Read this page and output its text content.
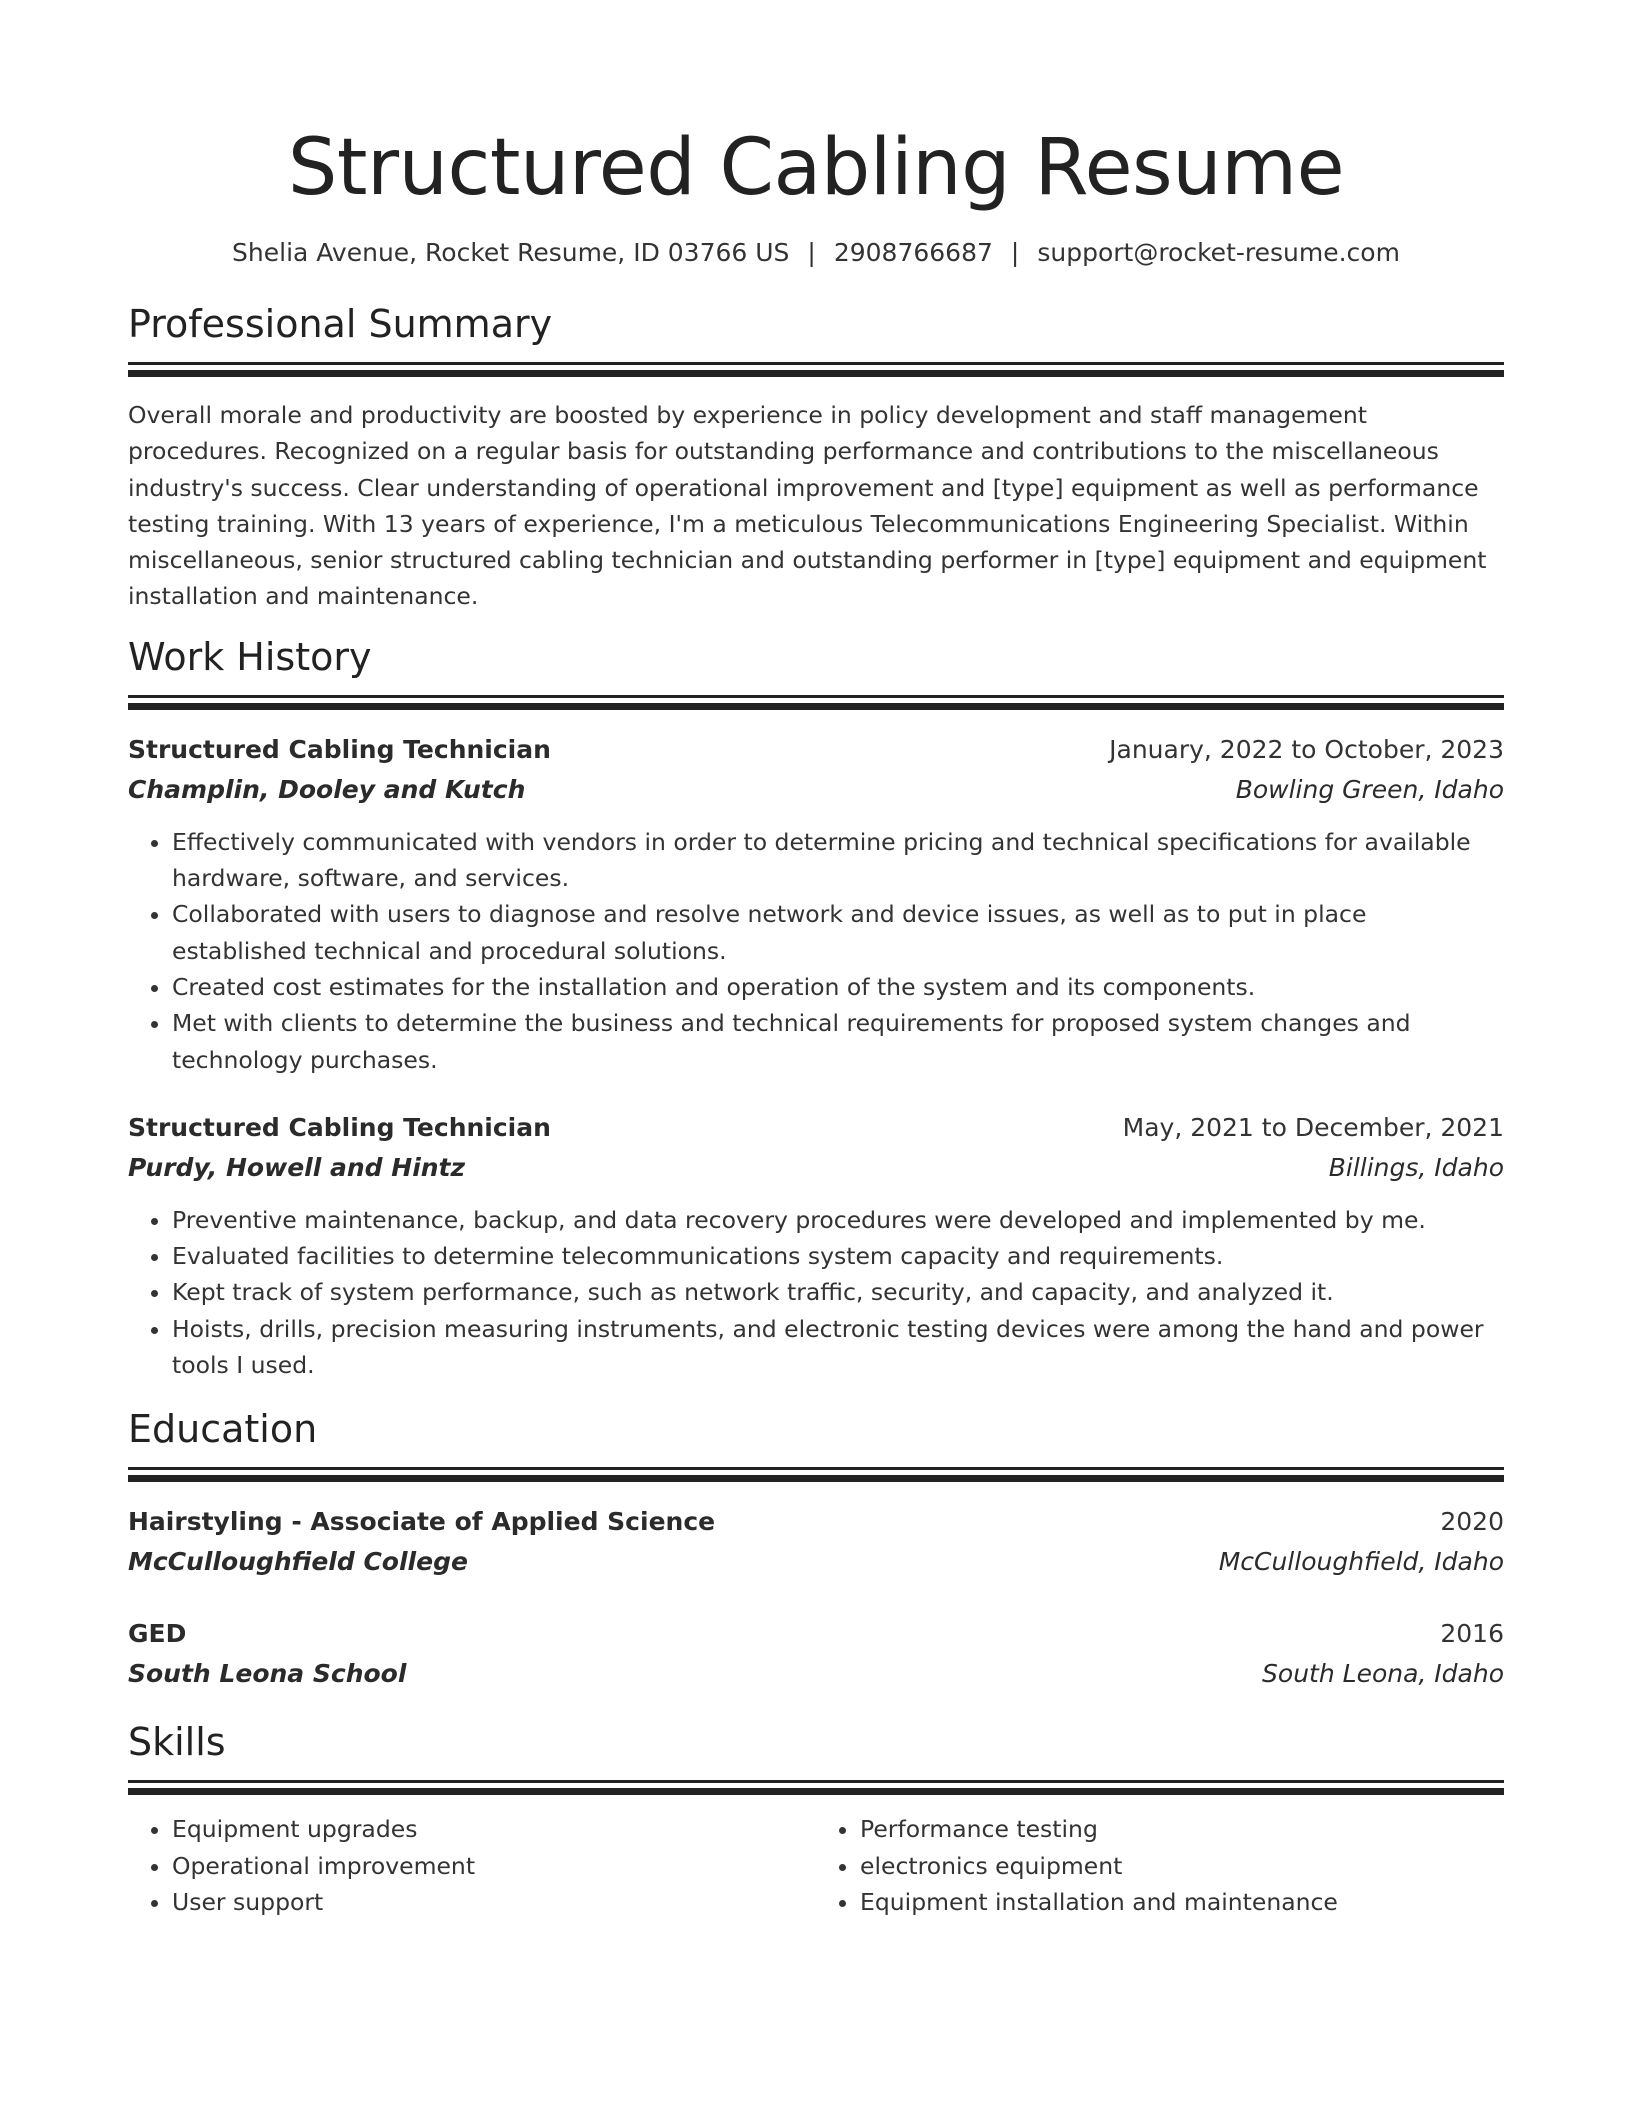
Structured Cabling Resume
Shelia Avenue, Rocket Resume, ID 03766 US | 2908766687 | support@rocket-resume.com
Professional Summary

Overall morale and productivity are boosted by experience in policy development and staff management procedures. Recognized on a regular basis for outstanding performance and contributions to the miscellaneous industry's success. Clear understanding of operational improvement and [type] equipment as well as performance testing training. With 13 years of experience, I'm a meticulous Telecommunications Engineering Specialist. Within miscellaneous, senior structured cabling technician and outstanding performer in [type] equipment and equipment installation and maintenance.

Work History
Structured Cabling Technician	January, 2022 to October, 2023
Champlin, Dooley and Kutch	Bowling Green, Idaho
• Effectively communicated with vendors in order to determine pricing and technical specifications for available hardware, software, and services.
• Collaborated with users to diagnose and resolve network and device issues, as well as to put in place established technical and procedural solutions.
• Created cost estimates for the installation and operation of the system and its components.
• Met with clients to determine the business and technical requirements for proposed system changes and technology purchases.
Structured Cabling Technician	May, 2021 to December, 2021
Purdy, Howell and Hintz	Billings, Idaho
• Preventive maintenance, backup, and data recovery procedures were developed and implemented by me.
• Evaluated facilities to determine telecommunications system capacity and requirements.
• Kept track of system performance, such as network traffic, security, and capacity, and analyzed it.
• Hoists, drills, precision measuring instruments, and electronic testing devices were among the hand and power tools I used.
Education
Hairstyling - Associate of Applied Science	2020
McCulloughfield College	McCulloughfield, Idaho
GED	2016
South Leona School	South Leona, Idaho
Skills
• Equipment upgrades
• Operational improvement
• User support
• Performance testing
• electronics equipment
• Equipment installation and maintenance
